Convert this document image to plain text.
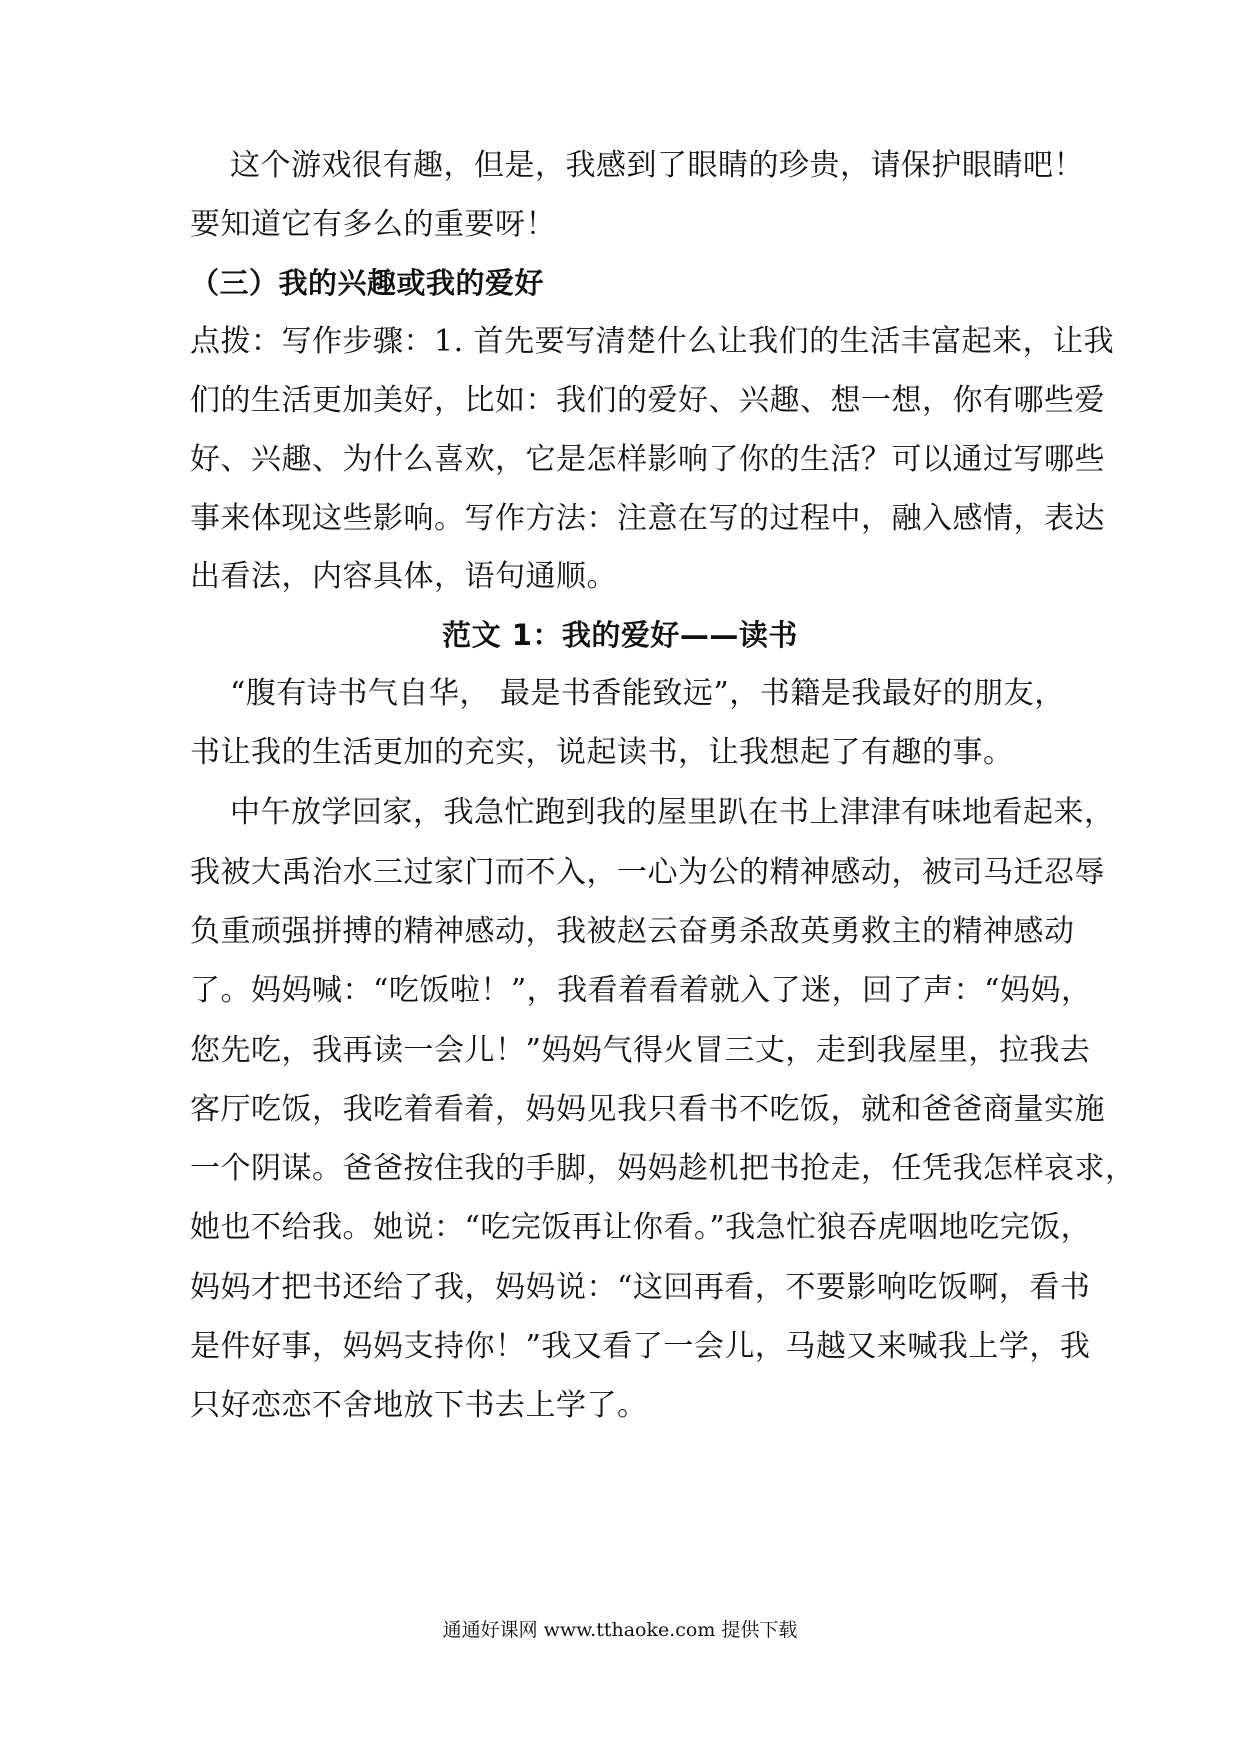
这个游戏很有趣，但是，我感到了眼睛的珍贵，请保护眼睛吧！
要知道它有多么的重要呀！
（三）我的兴趣或我的爱好
点拨：写作步骤：1. 首先要写清楚什么让我们的生活丰富起来，让我
们的生活更加美好，比如：我们的爱好、兴趣、想一想，你有哪些爱
好、兴趣、为什么喜欢，它是怎样影响了你的生活？可以通过写哪些
事来体现这些影响。写作方法：注意在写的过程中，融入感情，表达
出看法，内容具体，语句通顺。
范文 1：我的爱好——读书
“腹有诗书气自华， 最是书香能致远”，书籍是我最好的朋友，
书让我的生活更加的充实，说起读书，让我想起了有趣的事。
中午放学回家，我急忙跑到我的屋里趴在书上津津有味地看起来，
我被大禹治水三过家门而不入，一心为公的精神感动，被司马迁忍辱
负重顽强拼搏的精神感动，我被赵云奋勇杀敌英勇救主的精神感动
了。妈妈喊：“吃饭啦！”，我看着看着就入了迷，回了声：“妈妈，
您先吃，我再读一会儿！”妈妈气得火冒三丈，走到我屋里，拉我去
客厅吃饭，我吃着看着，妈妈见我只看书不吃饭，就和爸爸商量实施
一个阴谋。爸爸按住我的手脚，妈妈趁机把书抢走，任凭我怎样哀求，
她也不给我。她说：“吃完饭再让你看。”我急忙狼吞虎咽地吃完饭，
妈妈才把书还给了我，妈妈说：“这回再看，不要影响吃饭啊，看书
是件好事，妈妈支持你！”我又看了一会儿，马越又来喊我上学，我
只好恋恋不舍地放下书去上学了。
通通好课网 www.tthaoke.com 提供下载
